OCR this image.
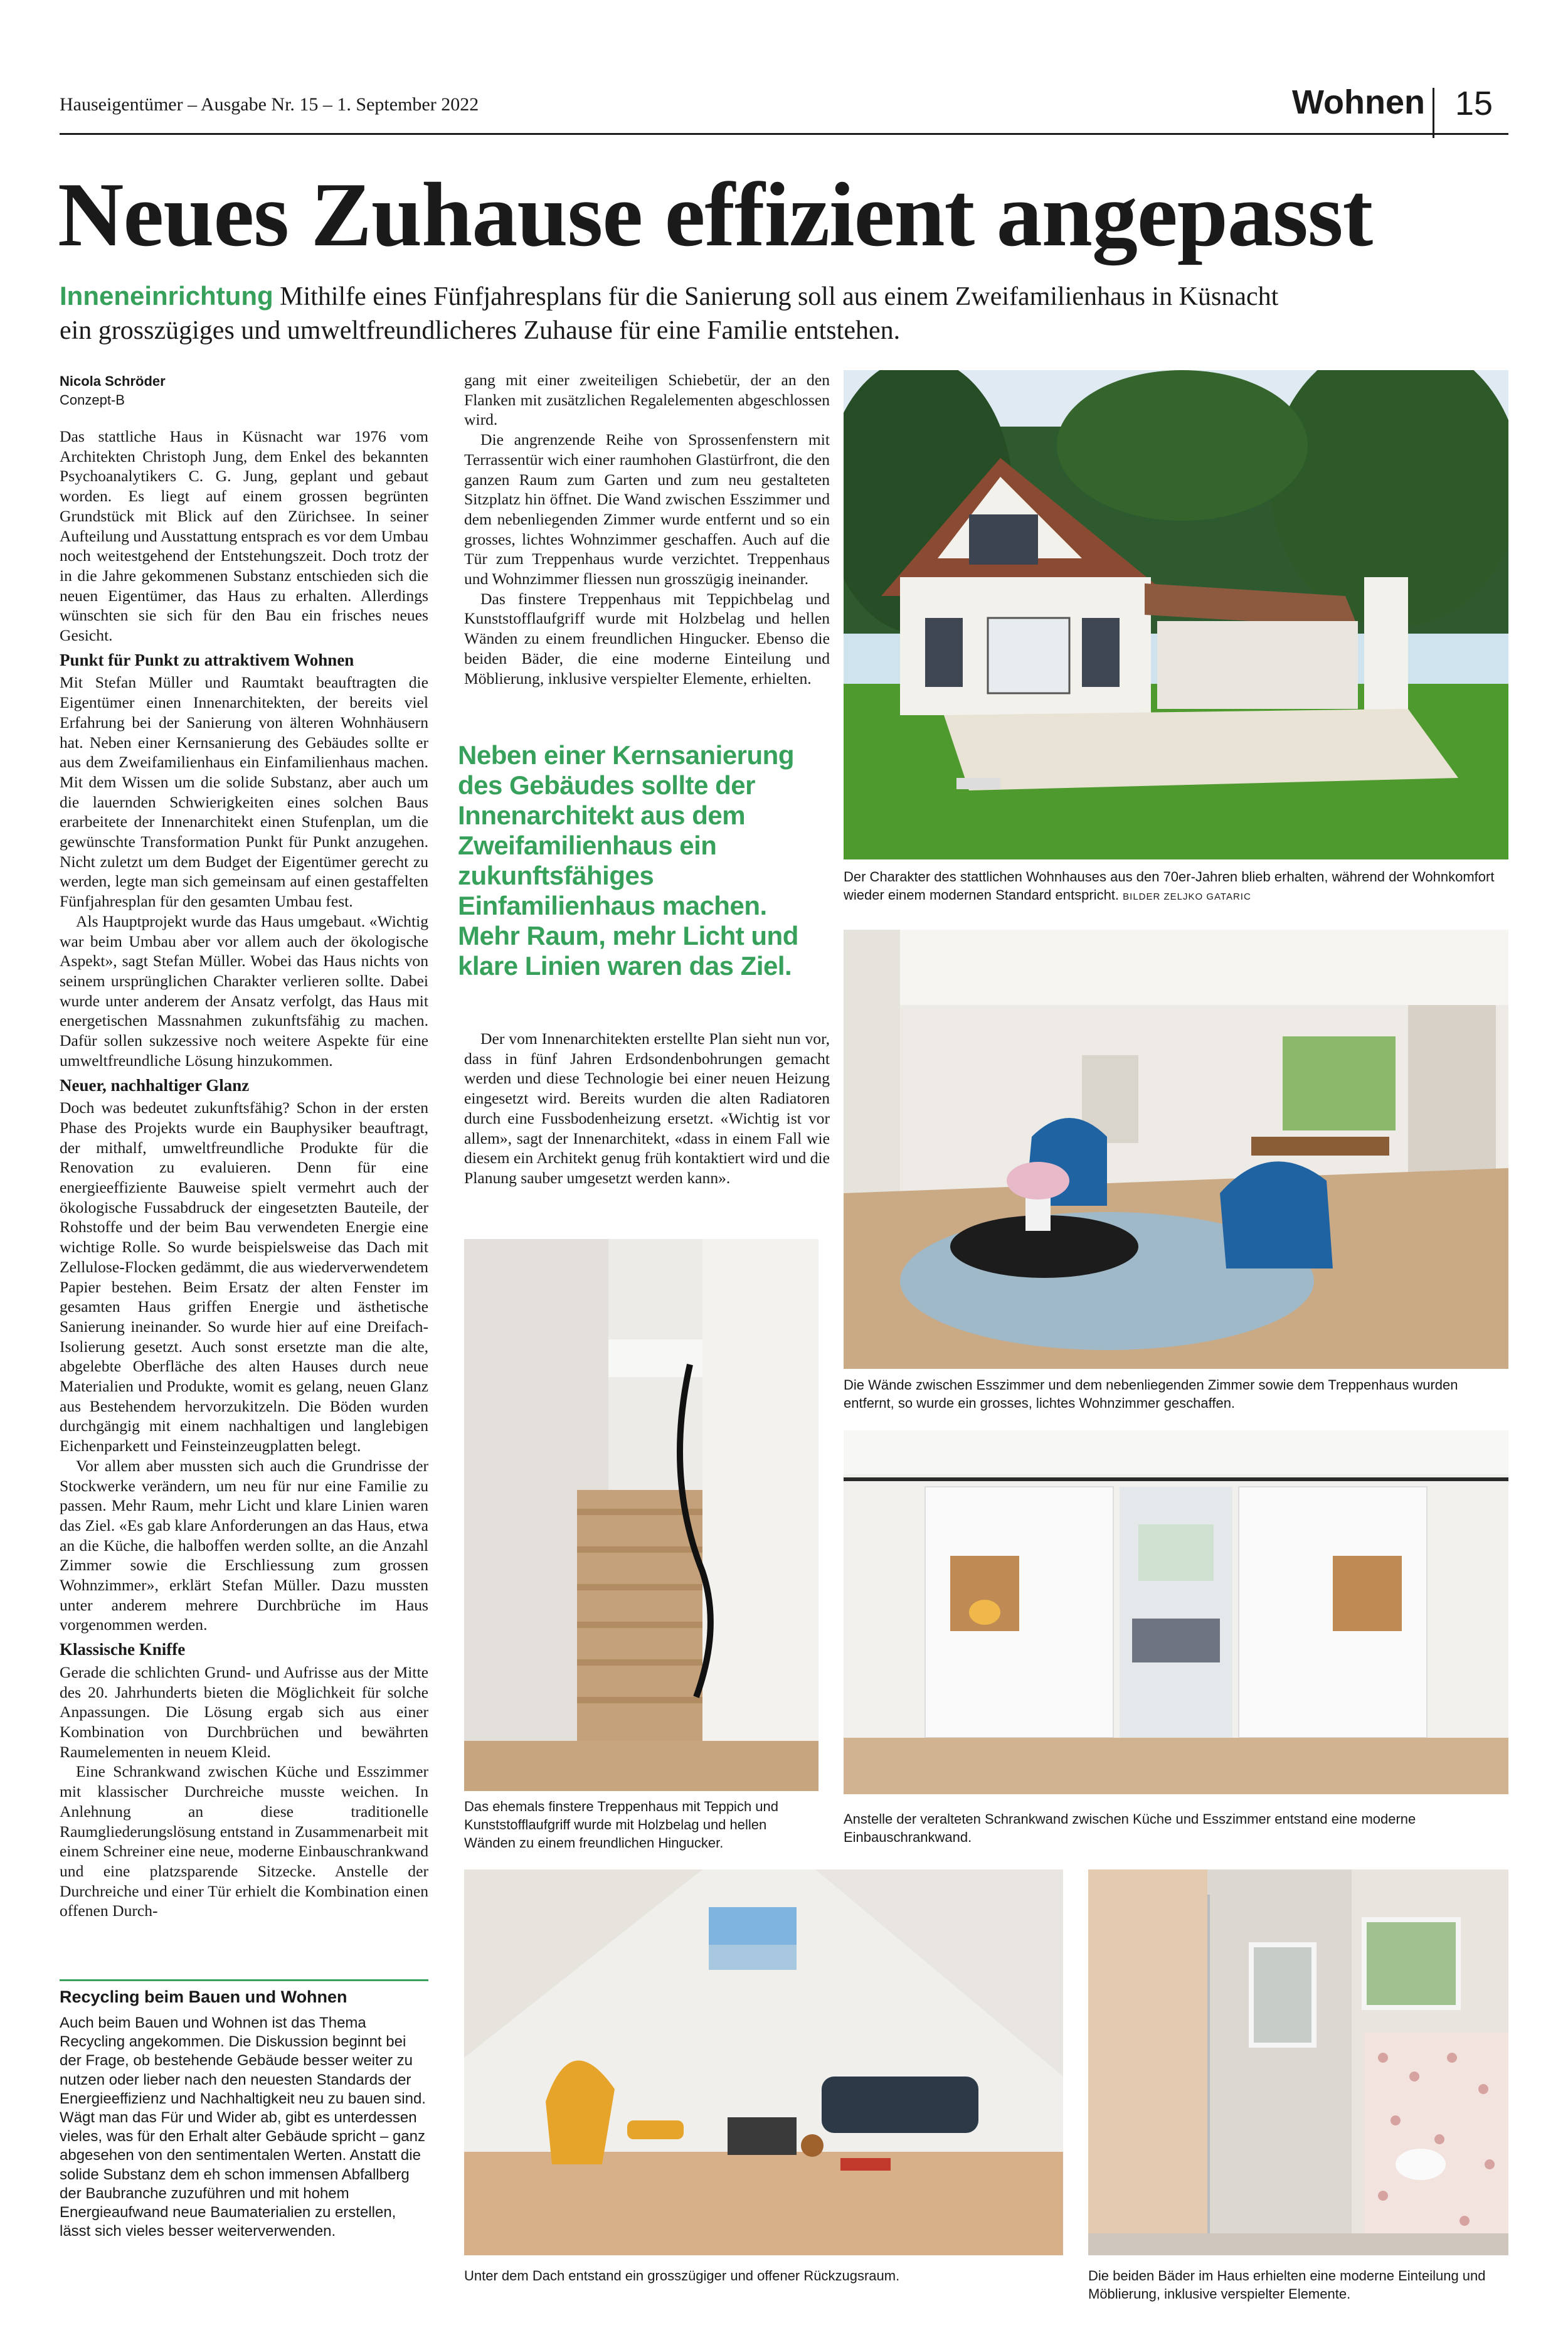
Hauseigentümer – Ausgabe Nr. 15 – 1. September 2022	Wohnen 15
Neues Zuhause effizient angepasst
Inneneinrichtung Mithilfe eines Fünfjahresplans für die Sanierung soll aus einem Zweifamilienhaus in Küsnacht ein grosszügiges und umweltfreundlicheres Zuhause für eine Familie entstehen.
Nicola Schröder
Conzept-B

Das stattliche Haus in Küsnacht war 1976 vom Architekten Christoph Jung, dem Enkel des bekannten Psychoanalytikers C. G. Jung, geplant und gebaut worden. Es liegt auf einem grossen begrünten Grundstück mit Blick auf den Zürichsee. In seiner Aufteilung und Ausstattung entsprach es vor dem Umbau noch weitestgehend der Entstehungszeit. Doch trotz der in die Jahre gekommenen Substanz entschieden sich die neuen Eigentümer, das Haus zu erhalten. Allerdings wünschten sie sich für den Bau ein frisches neues Gesicht.

Punkt für Punkt zu attraktivem Wohnen

Mit Stefan Müller und Raumtakt beauftragten die Eigentümer einen Innenarchitekten, der bereits viel Erfahrung bei der Sanierung von älteren Wohnhäusern hat. Neben einer Kernsanierung des Gebäudes sollte er aus dem Zweifamilienhaus ein Einfamilienhaus machen. Mit dem Wissen um die solide Substanz, aber auch um die lauernden Schwierigkeiten eines solchen Baus erarbeitete der Innenarchitekt einen Stufenplan, um die gewünschte Transformation Punkt für Punkt anzugehen. Nicht zuletzt um dem Budget der Eigentümer gerecht zu werden, legte man sich gemeinsam auf einen gestaffelten Fünfjahresplan für den gesamten Umbau fest.

Als Hauptprojekt wurde das Haus umgebaut. «Wichtig war beim Umbau aber vor allem auch der ökologische Aspekt», sagt Stefan Müller. Wobei das Haus nichts von seinem ursprünglichen Charakter verlieren sollte. Dabei wurde unter anderem der Ansatz verfolgt, das Haus mit energetischen Massnahmen zukunftsfähig zu machen. Dafür sollen sukzessive noch weitere Aspekte für eine umweltfreundliche Lösung hinzukommen.

Neuer, nachhaltiger Glanz

Doch was bedeutet zukunftsfähig? Schon in der ersten Phase des Projekts wurde ein Bauphysiker beauftragt, der mithalf, umweltfreundliche Produkte für die Renovation zu evaluieren. Denn für eine energieeffiziente Bauweise spielt vermehrt auch der ökologische Fussabdruck der eingesetzten Bauteile, der Rohstoffe und der beim Bau verwendeten Energie eine wichtige Rolle. So wurde beispielsweise das Dach mit Zellulose-Flocken gedämmt, die aus wiederverwendetem Papier bestehen. Beim Ersatz der alten Fenster im gesamten Haus griffen Energie und ästhetische Sanierung ineinander. So wurde hier auf eine Dreifach-Isolierung gesetzt. Auch sonst ersetzte man die alte, abgelebte Oberfläche des alten Hauses durch neue Materialien und Produkte, womit es gelang, neuen Glanz aus Bestehendem hervorzukitzeln. Die Böden wurden durchgängig mit einem nachhaltigen und langlebigen Eichenparkett und Feinsteinzeugplatten belegt.

Vor allem aber mussten sich auch die Grundrisse der Stockwerke verändern, um neu für nur eine Familie zu passen. Mehr Raum, mehr Licht und klare Linien waren das Ziel. «Es gab klare Anforderungen an das Haus, etwa an die Küche, die halboffen werden sollte, an die Anzahl Zimmer sowie die Erschliessung zum grossen Wohnzimmer», erklärt Stefan Müller. Dazu mussten unter anderem mehrere Durchbrüche im Haus vorgenommen werden.

Klassische Kniffe

Gerade die schlichten Grund- und Aufrisse aus der Mitte des 20. Jahrhunderts bieten die Möglichkeit für solche Anpassungen. Die Lösung ergab sich aus einer Kombination von Durchbrüchen und bewährten Raumelementen in neuem Kleid.

Eine Schrankwand zwischen Küche und Esszimmer mit klassischer Durchreiche musste weichen. In Anlehnung an diese traditionelle Raumgliederungslösung entstand in Zusammenarbeit mit einem Schreiner eine neue, moderne Einbauschrankwand und eine platzsparende Sitzecke. Anstelle der Durchreiche und einer Tür erhielt die Kombination einen offenen Durch-

gang mit einer zweiteiligen Schiebetür, der an den Flanken mit zusätzlichen Regalelementen abgeschlossen wird.

Die angrenzende Reihe von Sprossenfenstern mit Terrassentür wich einer raumhohen Glastürfront, die den ganzen Raum zum Garten und zum neu gestalteten Sitzplatz hin öffnet. Die Wand zwischen Esszimmer und dem nebenliegenden Zimmer wurde entfernt und so ein grosses, lichtes Wohnzimmer geschaffen. Auch auf die Tür zum Treppenhaus wurde verzichtet. Treppenhaus und Wohnzimmer fliessen nun grosszügig ineinander.

Das finstere Treppenhaus mit Teppichbelag und Kunststofflaufgriff wurde mit Holzbelag und hellen Wänden zu einem freundlichen Hingucker. Ebenso die beiden Bäder, die eine moderne Einteilung und Möblierung, inklusive verspielter Elemente, erhielten.

Neben einer Kernsanierung des Gebäudes sollte der Innenarchitekt aus dem Zweifamilienhaus ein zukunftsfähiges Einfamilienhaus machen. Mehr Raum, mehr Licht und klare Linien waren das Ziel.

Der vom Innenarchitekten erstellte Plan sieht nun vor, dass in fünf Jahren Erdsondenbohrungen gemacht werden und diese Technologie bei einer neuen Heizung eingesetzt wird. Bereits wurden die alten Radiatoren durch eine Fussbodenheizung ersetzt. «Wichtig ist vor allem», sagt der Innenarchitekt, «dass in einem Fall wie diesem ein Architekt genug früh kontaktiert wird und die Planung sauber umgesetzt werden kann».

Recycling beim Bauen und Wohnen
Auch beim Bauen und Wohnen ist das Thema Recycling angekommen. Die Diskussion beginnt bei der Frage, ob bestehende Gebäude besser weiter zu nutzen oder lieber nach den neuesten Standards der Energieeffizienz und Nachhaltigkeit neu zu bauen sind. Wägt man das Für und Wider ab, gibt es unterdessen vieles, was für den Erhalt alter Gebäude spricht – ganz abgesehen von den sentimentalen Werten. Anstatt die solide Substanz dem eh schon immensen Abfallberg der Baubranche zuzuführen und mit hohem Energieaufwand neue Baumaterialien zu erstellen, lässt sich vieles besser weiterverwenden.
Der Charakter des stattlichen Wohnhauses aus den 70er-Jahren blieb erhalten, während der Wohnkomfort wieder einem modernen Standard entspricht. BILDER ZELJKO GATARIC
Die Wände zwischen Esszimmer und dem nebenliegenden Zimmer sowie dem Treppenhaus wurden entfernt, so wurde ein grosses, lichtes Wohnzimmer geschaffen.
Das ehemals finstere Treppenhaus mit Teppich und Kunststofflaufgriff wurde mit Holzbelag und hellen Wänden zu einem freundlichen Hingucker.
Anstelle der veralteten Schrankwand zwischen Küche und Esszimmer entstand eine moderne Einbauschrankwand.
Unter dem Dach entstand ein grosszügiger und offener Rückzugsraum.	Die beiden Bäder im Haus erhielten eine moderne Einteilung und Möblierung, inklusive verspielter Elemente.
